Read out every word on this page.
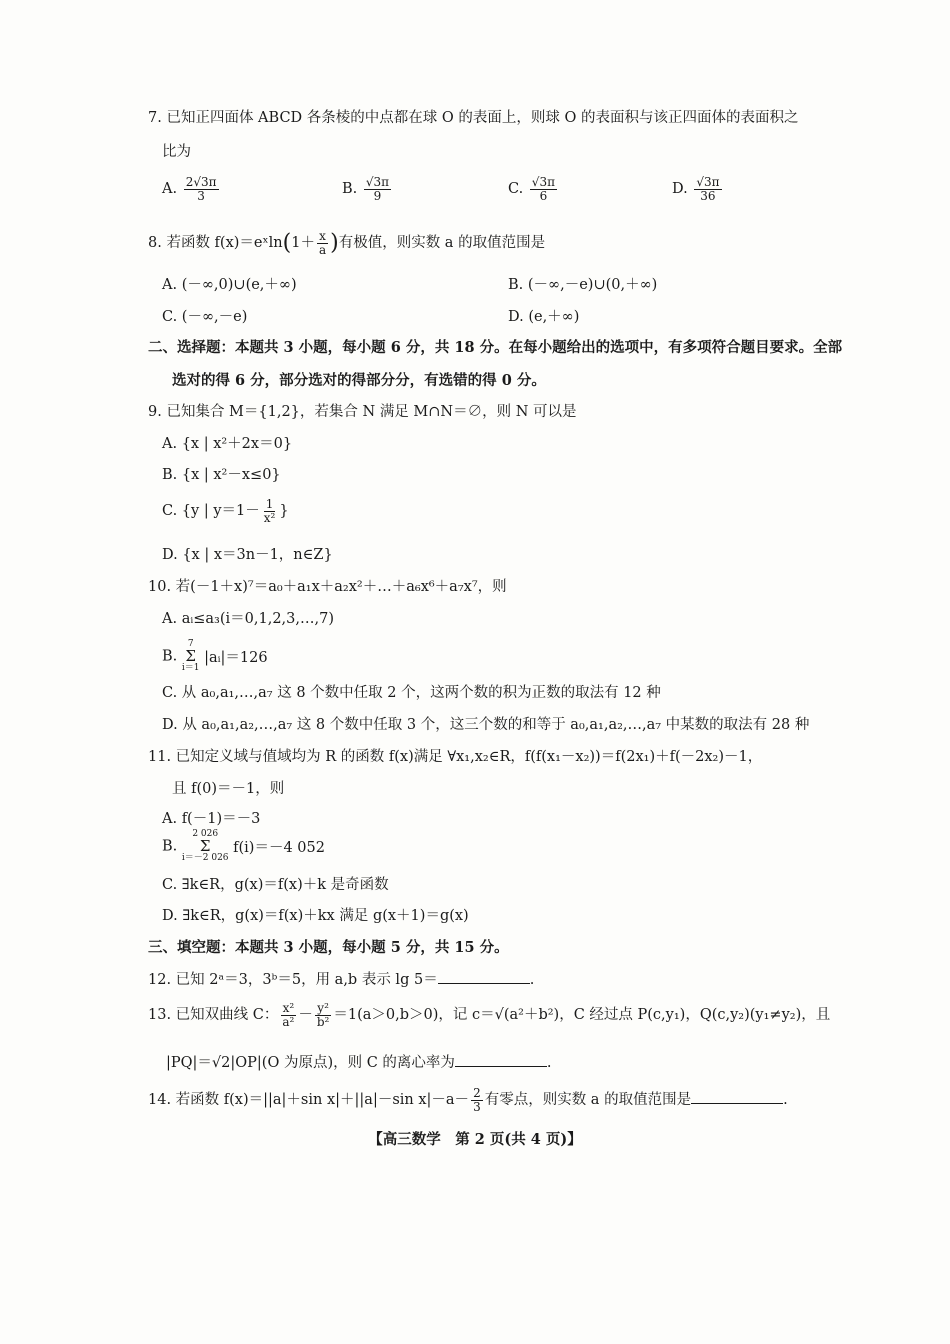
7. 已知正四面体 ABCD 各条棱的中点都在球 O 的表面上，则球 O 的表面积与该正四面体的表面积之
比为
A. $\frac{2√3\pi}{3}$	B. $\frac{√3\pi}{9}$	C. $\frac{√3\pi}{6}$	D. $\frac{√3\pi}{36}$
8. 若函数 f(x)＝eˣln(1＋ $\frac{x}{a}$ )有极值，则实数 a 的取值范围是
A. (－∞,0)∪(e,＋∞)	B. (－∞,－e)∪(0,＋∞)
C. (－∞,－e)	D. (e,＋∞)
二、选择题：本题共 3 小题，每小题 6 分，共 18 分。在每小题给出的选项中，有多项符合题目要求。全部
选对的得 6 分，部分选对的得部分分，有选错的得 0 分。
9. 已知集合 M＝{1,2}，若集合 N 满足 M∩N＝∅，则 N 可以是
A. {x | x²＋2x＝0}
B. {x | x²－x≤0}
C. {y | $y=1- \frac{1}{\text{x²}}$ }
D. {x | x＝3n－1，n∈Z}
10. 若(－1＋x)⁷＝a₀＋a₁x＋a₂x²＋…＋a₆x⁶＋a₇x⁷，则
A. aᵢ≤a₃(i＝0,1,2,3,…,7)
B.
7
Σ
i＝1
|aᵢ|＝126
C. 从 a₀,a₁,…,a₇ 这 8 个数中任取 2 个，这两个数的积为正数的取法有 12 种
D. 从 a₀,a₁,a₂,…,a₇ 这 8 个数中任取 3 个，这三个数的和等于 a₀,a₁,a₂,…,a₇ 中某数的取法有 28 种
11. 已知定义域与值域均为 R 的函数 f(x)满足 ∀x₁,x₂∈R，f(f(x₁－x₂))＝f(2x₁)＋f(－2x₂)－1，
且 f(0)＝－1，则
A. f(－1)＝－3
B.
2 026
Σ
i＝－2 026
f(i)＝－4 052
C. ∃k∈R，g(x)＝f(x)＋k 是奇函数
D. ∃k∈R，g(x)＝f(x)＋kx 满足 g(x＋1)＝g(x)
三、填空题：本题共 3 小题，每小题 5 分，共 15 分。
12. 已知 2ᵃ＝3，3ᵇ＝5，用 a,b 表示 lg 5＝	.
13. 已知双曲线 C： $\frac{\text{x²}}{\text{a²}} - \frac{\text{y²}}{\text{b²}} =1(a>0,b>0)$，记 c＝√(a²＋b²)，C 经过点 P(c,y₁)，Q(c,y₂)(y₁≠y₂)，且
|PQ|＝√2|OP|(O 为原点)，则 C 的离心率为	.
14. 若函数 f(x)＝||a|＋sin x|＋||a|－sin $x|-a- \frac{2}{3}$ 有零点，则实数 a 的取值范围是	.
【高三数学　第 2 页(共 4 页)】
